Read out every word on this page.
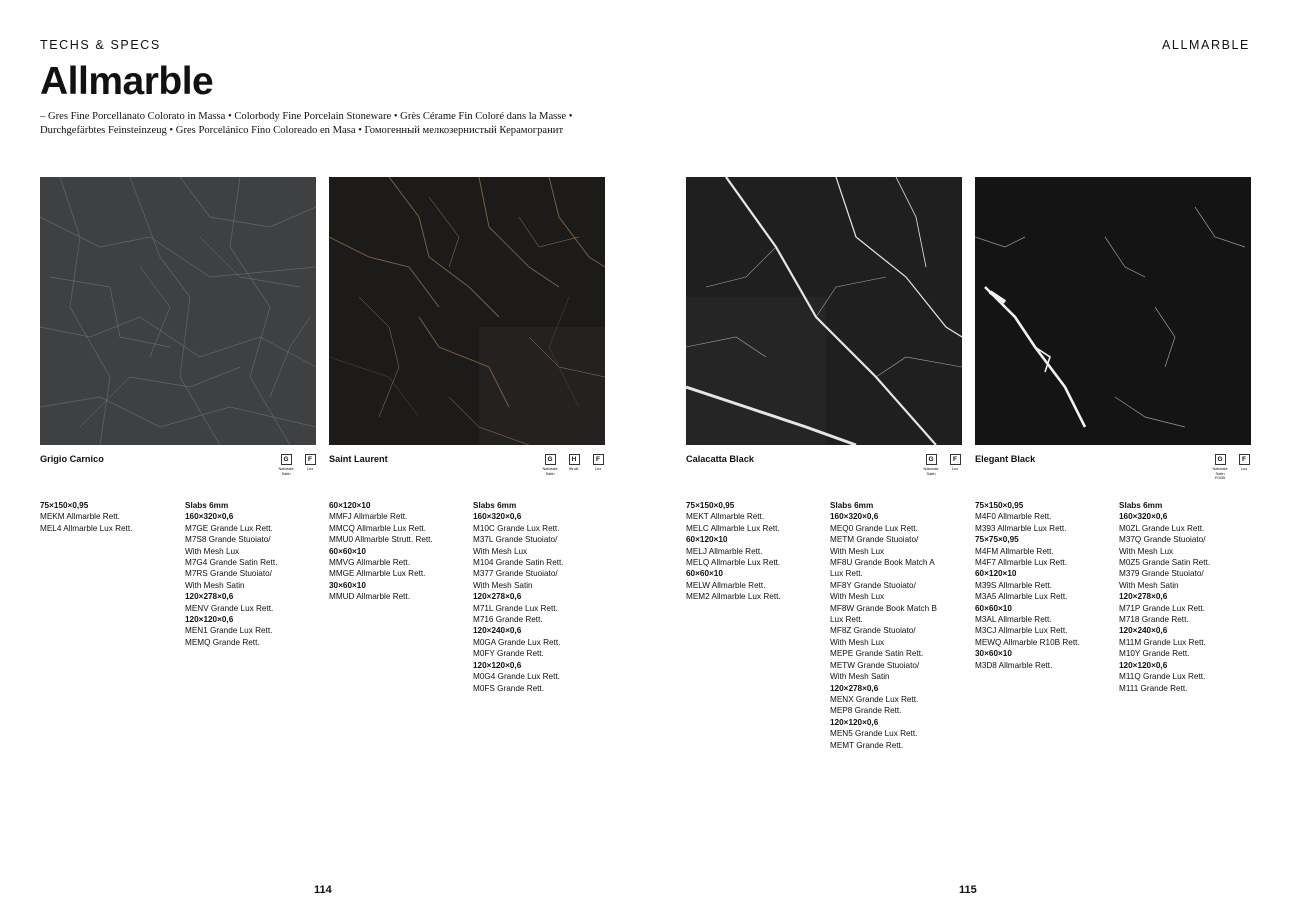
TECHS & SPECS	ALLMARBLE
Allmarble
– Gres Fine Porcellanato Colorato in Massa • Colorbody Fine Porcelain Stoneware • Grès Cérame Fin Coloré dans la Masse •
Durchgefärbtes Feinsteinzeug • Gres Porcelánico Fino Coloreado en Masa • Гомогенный мелкозернистый Керамогранит
Grigio Carnico	G
Naturale
Satin
F
Lux
75×150×0,95
MEKM Allmarble Rett.
MEL4 Allmarble Lux Rett.
Slabs 6mm
160×320×0,6
M7GE Grande Lux Rett.
M7S8 Grande Stuoiato/
With Mesh Lux
M7G4 Grande Satin Rett.
M7RS Grande Stuoiato/
With Mesh Satin
120×278×0,6
MENV Grande Lux Rett.
120×120×0,6
MEN1 Grande Lux Rett.
MEMQ Grande Rett.
Saint Laurent	G
Naturale
Satin
H
Strutt.
F
Lux
60×120×10
MMFJ Allmarble Rett.
MMCQ Allmarble Lux Rett.
MMU0 Allmarble Strutt. Rett.
60×60×10
MMVG Allmarble Rett.
MMGE Allmarble Lux Rett.
30×60×10
MMUD Allmarble Rett.
Slabs 6mm
160×320×0,6
M10C Grande Lux Rett.
M37L Grande Stuoiato/
With Mesh Lux
M104 Grande Satin Rett.
M377 Grande Stuoiato/
With Mesh Satin
120×278×0,6
M71L Grande Lux Rett.
M716 Grande Rett.
120×240×0,6
M0GA Grande Lux Rett.
M0FY Grande Rett.
120×120×0,6
M0G4 Grande Lux Rett.
M0FS Grande Rett.
Calacatta Black	G
Naturale
Satin
F
Lux
75×150×0,95
MEKT Allmarble Rett.
MELC Allmarble Lux Rett.
60×120×10
MELJ Allmarble Rett.
MELQ Allmarble Lux Rett.
60×60×10
MELW Allmarble Rett.
MEM2 Allmarble Lux Rett.
Slabs 6mm
160×320×0,6
MEQ0 Grande Lux Rett.
METM Grande Stuoiato/
With Mesh Lux
MF8U Grande Book Match A
Lux Rett.
MF8Y Grande Stuoiato/
With Mesh Lux
MF8W Grande Book Match B
Lux Rett.
MF8Z Grande Stuoiato/
With Mesh Lux
MEPE Grande Satin Rett.
METW Grande Stuoiato/
With Mesh Satin
120×278×0,6
MENX Grande Lux Rett.
MEP8 Grande Rett.
120×120×0,6
MEN5 Grande Lux Rett.
MEMT Grande Rett.
Elegant Black	G
Naturale
Satin
R10B
F
Lux
75×150×0,95
M4F0 Allmarble Rett.
M393 Allmarble Lux Rett.
75×75×0,95
M4FM Allmarble Rett.
M4F7 Allmarble Lux Rett.
60×120×10
M39S Allmarble Rett.
M3A5 Allmarble Lux Rett.
60×60×10
M3AL Allmarble Rett.
M3CJ Allmarble Lux Rett.
MEWQ Allmarble R10B Rett.
30×60×10
M3D8 Allmarble Rett.
Slabs 6mm
160×320×0,6
M0ZL Grande Lux Rett.
M37Q Grande Stuoiato/
With Mesh Lux
M0Z5 Grande Satin Rett.
M379 Grande Stuoiato/
With Mesh Satin
120×278×0,6
M71P Grande Lux Rett.
M718 Grande Rett.
120×240×0,6
M11M Grande Lux Rett.
M10Y Grande Rett.
120×120×0,6
M11Q Grande Lux Rett.
M111 Grande Rett.
114	115
